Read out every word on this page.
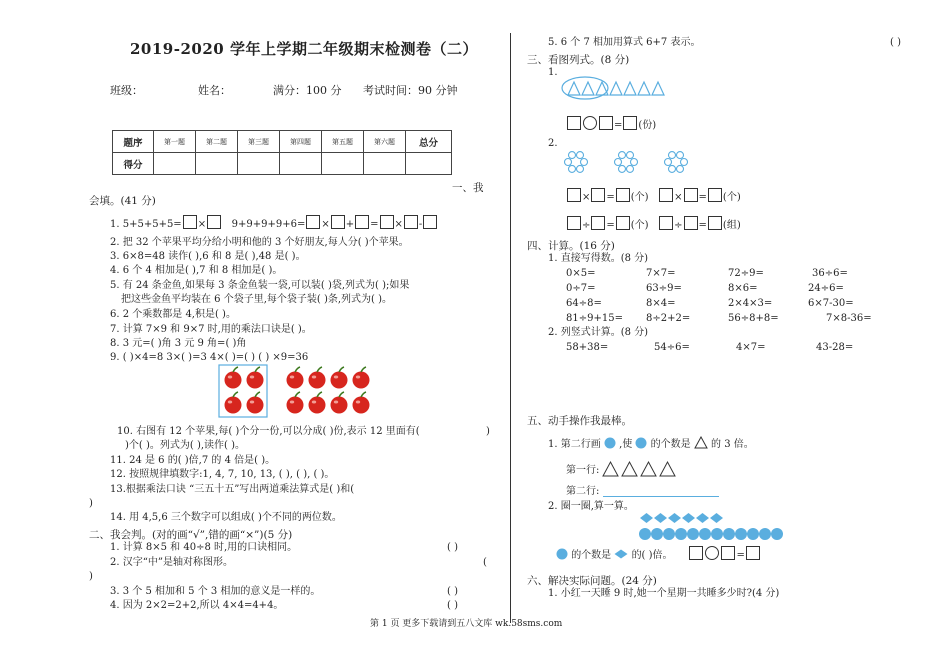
2019-2020 学年上学期二年级期末检测卷（二）
班级：	姓名：	满分：100 分 考试时间：90 分钟
题序	第一题	第二题	第三题	第四题	第五题	第六题	总分
得分							
一、我
会填。(41 分)
1. 5+5+5+5= ×	9+9+9+9+6= × + = × -
2. 把 32 个苹果平均分给小明和他的 3 个好朋友,每人分( )个苹果。
3. 6×8=48 读作( ),6 和 8 是( ),48 是( )。
4. 6 个 4 相加是( ),7 和 8 相加是( )。
5. 有 24 条金鱼,如果每 3 条金鱼装一袋,可以装( )袋,列式为( );如果
把这些金鱼平均装在 6 个袋子里,每个袋子装( )条,列式为( )。
6. 2 个乘数都是 4,积是( )。
7. 计算 7×9 和 9×7 时,用的乘法口诀是( )。
8. 3 元=( )角 3 元 9 角=( )角
9. ( )×4=8 3×( )=3 4×( )=( ) ( ) ×9=36
10. 右图有 12 个苹果,每( )个分一份,可以分成( )份,表示 12 里面有(	)
)个( )。列式为( ),读作( )。
11. 24 是 6 的( )倍,7 的 4 倍是( )。
12. 按照规律填数字:1, 4, 7, 10, 13, ( ), ( ), ( )。
13.根据乘法口诀 “三五十五”写出两道乘法算式是( )和(
)
14. 用 4,5,6 三个数字可以组成( )个不同的两位数。
二、我会判。(对的画“√”,错的画“×”)(5 分)
1. 计算 8×5 和 40÷8 时,用的口诀相同。	( )
2. 汉字“中”是轴对称图形。	(
)
3. 3 个 5 相加和 5 个 3 相加的意义是一样的。	( )
4. 因为 2×2=2+2,所以 4×4=4+4。	( )
5. 6 个 7 相加用算式 6+7 表示。	( )
三、看图列式。(8 分)
1.
= (份)
2.
× = (个)	× = (个)
÷ = (个)	÷ = (组)
四、计算。(16 分)
1. 直接写得数。(8 分)
0×5=	7×7=	72÷9=	36÷6=
0÷7=	63÷9=	8×6=	24÷6=
64÷8=	8×4=	2×4×3=	6×7-30=
81÷9+15= 8÷2+2=	56÷8+8=	7×8-36=
2. 列竖式计算。(8 分)
58+38=	54÷6=	4×7=	43-28=
五、动手操作我最棒。
1. 第二行画 ,使 的个数是 的 3 倍。
第一行:
第二行:
2. 圈一圈,算一算。
的个数是 的( )倍。	=
六、解决实际问题。(24 分)
1. 小红一天睡 9 时,她一个星期一共睡多少时?(4 分)
第 1 页 更多下载请到五八文库 wk.58sms.com
